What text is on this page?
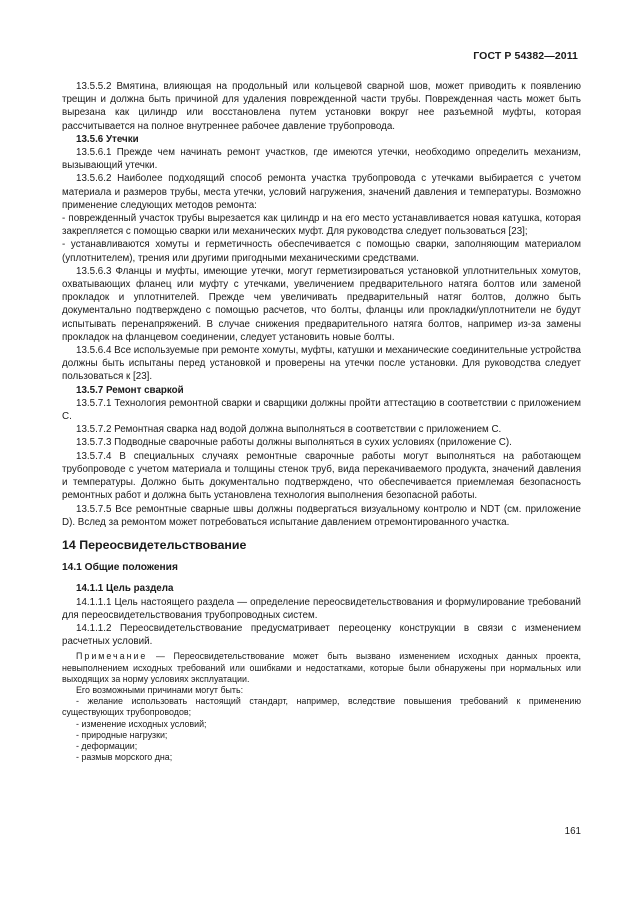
ГОСТ Р 54382—2011

13.5.5.2 Вмятина, влияющая на продольный или кольцевой сварной шов, может приводить к появлению трещин и должна быть причиной для удаления поврежденной части трубы. Поврежденная часть может быть вырезана как цилиндр или восстановлена путем установки вокруг нее разъемной муфты, которая рассчитывается на полное внутреннее рабочее давление трубопровода.

13.5.6 Утечки

13.5.6.1 Прежде чем начинать ремонт участков, где имеются утечки, необходимо определить механизм, вызывающий утечки.

13.5.6.2 Наиболее подходящий способ ремонта участка трубопровода с утечками выбирается с учетом материала и размеров трубы, места утечки, условий нагружения, значений давления и температуры. Возможно применение следующих методов ремонта:

- поврежденный участок трубы вырезается как цилиндр и на его место устанавливается новая катушка, которая закрепляется с помощью сварки или механических муфт. Для руководства следует пользоваться [23];

- устанавливаются хомуты и герметичность обеспечивается с помощью сварки, заполняющим материалом (уплотнителем), трения или другими пригодными механическими средствами.

13.5.6.3 Фланцы и муфты, имеющие утечки, могут герметизироваться установкой уплотнительных хомутов, охватывающих фланец или муфту с утечками, увеличением предварительного натяга болтов или заменой прокладок и уплотнителей. Прежде чем увеличивать предварительный натяг болтов, должно быть документально подтверждено с помощью расчетов, что болты, фланцы или прокладки/уплотнители не будут испытывать перенапряжений. В случае снижения предварительного натяга болтов, например из-за замены прокладок на фланцевом соединении, следует установить новые болты.

13.5.6.4 Все используемые при ремонте хомуты, муфты, катушки и механические соединительные устройства должны быть испытаны перед установкой и проверены на утечки после установки. Для руководства следует пользоваться к [23].

13.5.7 Ремонт сваркой

13.5.7.1 Технология ремонтной сварки и сварщики должны пройти аттестацию в соответствии с приложением С.

13.5.7.2 Ремонтная сварка над водой должна выполняться в соответствии с приложением С.

13.5.7.3 Подводные сварочные работы должны выполняться в сухих условиях (приложение С).

13.5.7.4 В специальных случаях ремонтные сварочные работы могут выполняться на работающем трубопроводе с учетом материала и толщины стенок труб, вида перекачиваемого продукта, значений давления и температуры. Должно быть документально подтверждено, что обеспечивается приемлемая безопасность ремонтных работ и должна быть установлена технология выполнения безопасной работы.

13.5.7.5 Все ремонтные сварные швы должны подвергаться визуальному контролю и NDT (см. приложение D). Вслед за ремонтом может потребоваться испытание давлением отремонтированного участка.

14 Переосвидетельствование

14.1 Общие положения

14.1.1 Цель раздела

14.1.1.1 Цель настоящего раздела — определение переосвидетельствования и формулирование требований для переосвидетельствования трубопроводных систем.

14.1.1.2 Переосвидетельствование предусматривает переоценку конструкции в связи с изменением расчетных условий.

Примечание — Переосвидетельствование может быть вызвано изменением исходных данных проекта, невыполнением исходных требований или ошибками и недостатками, которые были обнаружены при нормальных или выходящих за норму условиях эксплуатации.

Его возможными причинами могут быть:

- желание использовать настоящий стандарт, например, вследствие повышения требований к применению существующих трубопроводов;

- изменение исходных условий;

- природные нагрузки;

- деформации;

- размыв морского дна;

161
